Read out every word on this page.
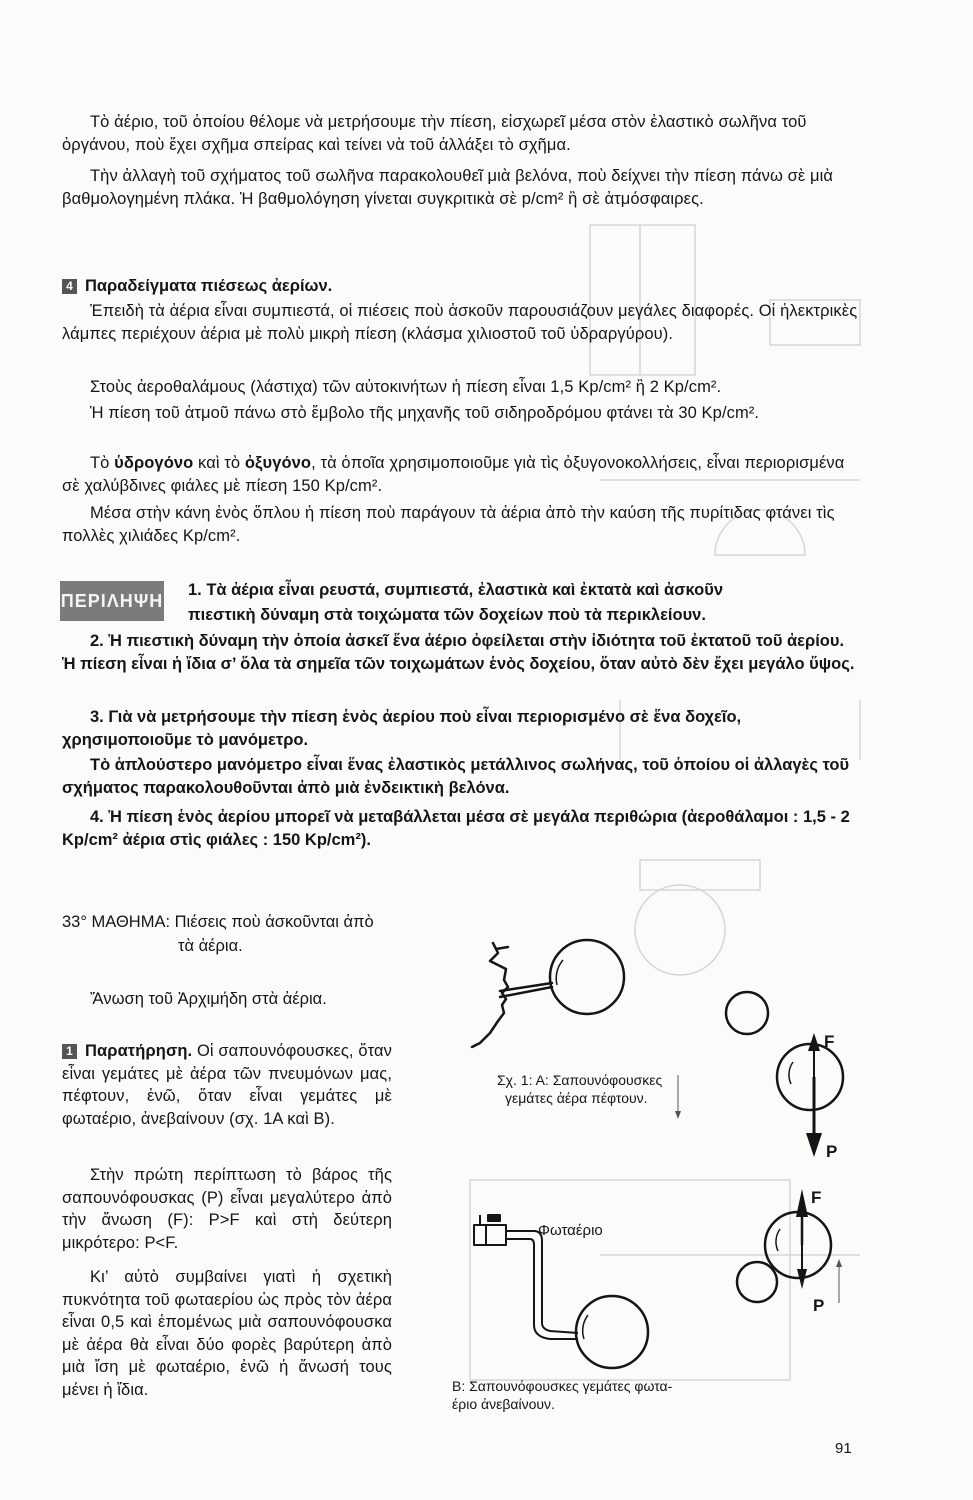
Τὸ ἀέριο, τοῦ ὁποίου θέλομε νὰ μετρήσουμε τὴν πίεση, εἰσχωρεῖ μέσα στὸν ἐλαστικὸ σωλῆνα τοῦ ὀργάνου, ποὺ ἔχει σχῆμα σπείρας καὶ τείνει νὰ τοῦ ἀλλάξει τὸ σχῆμα.
Τὴν ἀλλαγὴ τοῦ σχήματος τοῦ σωλῆνα παρακολουθεῖ μιὰ βελόνα, ποὺ δείχνει τὴν πίεση πάνω σὲ μιὰ βαθμολογημένη πλάκα. Ἡ βαθμολόγηση γίνεται συγκριτικὰ σὲ p/cm² ἢ σὲ ἀτμόσφαιρες.
4 Παραδείγματα πιέσεως ἀερίων.
Ἐπειδὴ τὰ ἀέρια εἶναι συμπιεστά, οἱ πιέσεις ποὺ ἀσκοῦν παρουσιάζουν μεγάλες διαφορές. Οἱ ἠλεκτρικὲς λάμπες περιέχουν ἀέρια μὲ πολὺ μικρὴ πίεση (κλάσμα χιλιοστοῦ τοῦ ὑδραργύρου).
Στοὺς ἀεροθαλάμους (λάστιχα) τῶν αὐτοκινήτων ἡ πίεση εἶναι 1,5 Kp/cm² ἢ 2 Kp/cm².
Ἡ πίεση τοῦ ἀτμοῦ πάνω στὸ ἔμβολο τῆς μηχανῆς τοῦ σιδηροδρόμου φτάνει τὰ 30 Kp/cm².
Τὸ ὑδρογόνο καὶ τὸ ὀξυγόνο, τὰ ὁποῖα χρησιμοποιοῦμε γιὰ τὶς ὀξυγονοκολλήσεις, εἶναι περιορισμένα σὲ χαλύβδινες φιάλες μὲ πίεση 150 Kp/cm².
Μέσα στὴν κάνη ἑνὸς ὅπλου ἡ πίεση ποὺ παράγουν τὰ ἀέρια ἀπὸ τὴν καύση τῆς πυρίτιδας φτάνει τὶς πολλὲς χιλιάδες Kp/cm².
ΠΕΡΙΛΗΨΗ
1. Τὰ ἀέρια εἶναι ρευστά, συμπιεστά, ἐλαστικὰ καὶ ἐκτατὰ καὶ ἀσκοῦν
πιεστικὴ δύναμη στὰ τοιχώματα τῶν δοχείων ποὺ τὰ περικλείουν.
2. Ἡ πιεστικὴ δύναμη τὴν ὁποία ἀσκεῖ ἕνα ἀέριο ὀφείλεται στὴν ἰδιότητα τοῦ ἐκτατοῦ τοῦ ἀερίου. Ἡ πίεση εἶναι ἡ ἴδια σ’ ὅλα τὰ σημεῖα τῶν τοιχωμάτων ἑνὸς δοχείου, ὅταν αὐτὸ δὲν ἔχει μεγάλο ὕψος.
3. Γιὰ νὰ μετρήσουμε τὴν πίεση ἑνὸς ἀερίου ποὺ εἶναι περιορισμένο σὲ ἕνα δοχεῖο, χρησιμοποιοῦμε τὸ μανόμετρο.
Τὸ ἁπλούστερο μανόμετρο εἶναι ἕνας ἐλαστικὸς μετάλλινος σωλήνας, τοῦ ὁποίου οἱ ἀλλαγὲς τοῦ σχήματος παρακολουθοῦνται ἀπὸ μιὰ ἐνδεικτικὴ βελόνα.
4. Ἡ πίεση ἑνὸς ἀερίου μπορεῖ νὰ μεταβάλλεται μέσα σὲ μεγάλα περιθώρια (ἀεροθάλαμοι : 1,5 - 2 Kp/cm² ἀέρια στὶς φιάλες : 150 Kp/cm²).
33° ΜΑΘΗΜΑ: Πιέσεις ποὺ ἀσκοῦνται ἀπὸ
τὰ ἀέρια.
Ἄνωση τοῦ Ἀρχιμήδη στὰ ἀέρια.
1 Παρατήρηση. Οἱ σαπουνόφουσκες, ὅταν εἶναι γεμάτες μὲ ἀέρα τῶν πνευμόνων μας, πέφτουν, ἐνῶ, ὅταν εἶναι γεμάτες μὲ φωταέριο, ἀνεβαίνουν (σχ. 1Α καὶ Β).
Στὴν πρώτη περίπτωση τὸ βάρος τῆς σαπουνόφουσκας (P) εἶναι μεγαλύτερο ἀπὸ τὴν ἄνωση (F): P>F καὶ στὴ δεύτερη μικρότερο: P<F.
Κι’ αὐτὸ συμβαίνει γιατὶ ἡ σχετικὴ πυκνότητα τοῦ φωταερίου ὡς πρὸς τὸν ἀέρα εἶναι 0,5 καὶ ἑπομένως μιὰ σαπουνόφουσκα μὲ ἀέρα θὰ εἶναι δύο φορὲς βαρύτερη ἀπὸ μιὰ ἴση μὲ φωταέριο, ἐνῶ ἡ ἄνωσή τους μένει ἡ ἴδια.
F
P
F
P
Φωταέριο
Σχ. 1: Α: Σαπουνόφουσκες
γεμάτες ἀέρα πέφτουν.
Β: Σαπουνόφουσκες γεμάτες φωτα-
έριο ἀνεβαίνουν.
91
